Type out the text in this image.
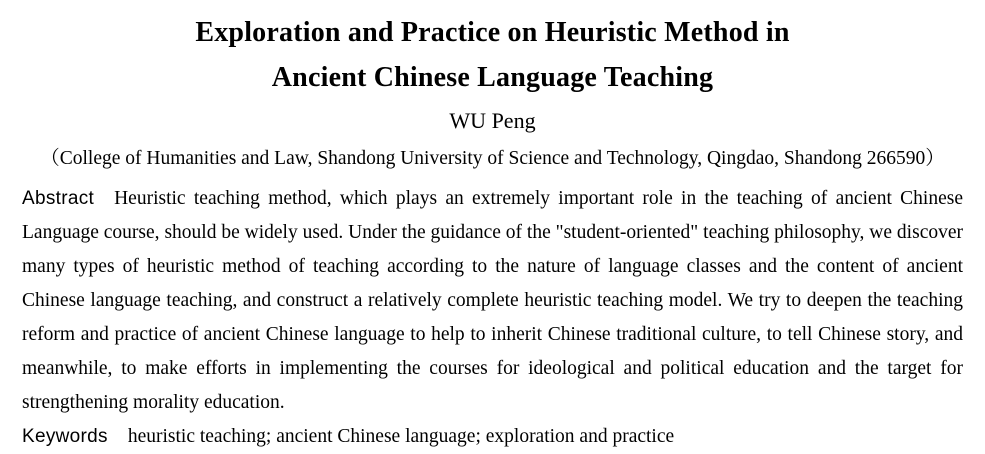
Exploration and Practice on Heuristic Method in
Ancient Chinese Language Teaching
WU Peng
（College of Humanities and Law, Shandong University of Science and Technology, Qingdao, Shandong 266590）

Abstract Heuristic teaching method, which plays an extremely important role in the teaching of ancient Chinese Language course, should be widely used. Under the guidance of the "student-oriented" teaching philosophy, we discover many types of heuristic method of teaching according to the nature of language classes and the content of ancient Chinese language teaching, and construct a relatively complete heuristic teaching model. We try to deepen the teaching reform and practice of ancient Chinese language to help to inherit Chinese traditional culture, to tell Chinese story, and meanwhile, to make efforts in implementing the courses for ideological and political education and the target for strengthening morality education.

Keywords heuristic teaching; ancient Chinese language; exploration and practice
